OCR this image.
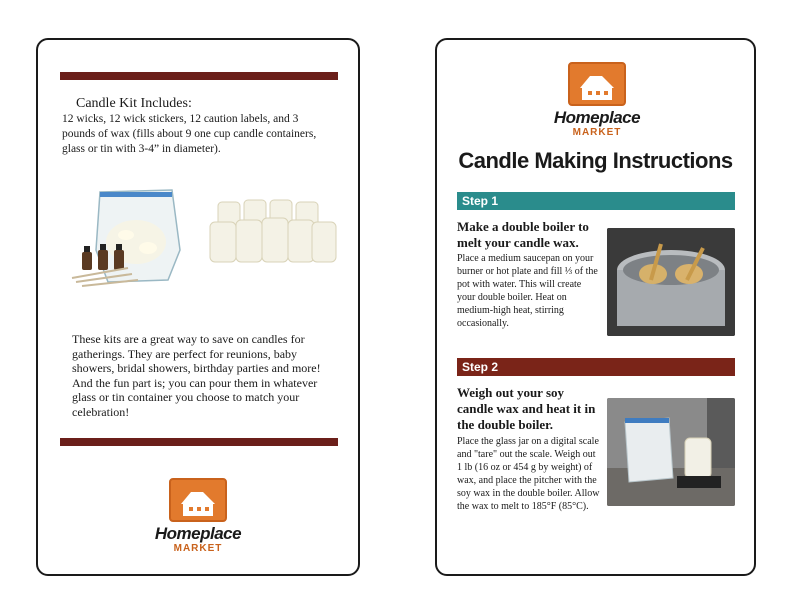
Candle Kit Includes:
12 wicks, 12 wick stickers, 12 caution labels, and 3 pounds of wax (fills about 9 one cup candle containers, glass or tin with 3-4” in diameter).
These kits are a great way to save on candles for gatherings. They are perfect for reunions, baby showers, bridal showers, birthday parties and more! And the fun part is; you can pour them in whatever glass or tin container you choose to match your celebration!
Homeplace
MARKET
Homeplace
MARKET
Candle Making Instructions
Step 1
Make a double boiler to melt your candle wax.
Place a medium saucepan on your burner or hot plate and fill ⅓ of the pot with water. This will create your double boiler. Heat on medium-high heat, stirring occasionally.
Step 2
Weigh out your soy candle wax and heat it in the double boiler.
Place the glass jar on a digital scale and "tare" out the scale. Weigh out 1 lb (16 oz or 454 g by weight) of wax, and place the pitcher with the soy wax in the double boiler. Allow the wax to melt to 185°F (85°C).
